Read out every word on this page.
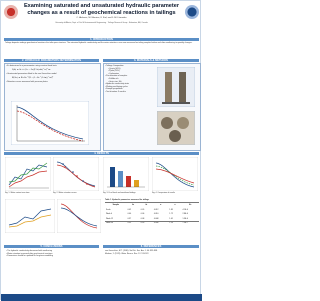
Examining saturated and unsaturated hydraulic parameter changes as a result of geochemical reactions in tailings
C. Alekovic, M. Maurice, F. Kiel, and J.-M. Lhannitto
University of Alberta, Dept. of Civil & Environmental Engineering · Tailings Research Group · Edmonton, AB, Canada
1. INTRODUCTION
Tailings deposits undergo geochemical reactions that alter pore structure. The saturated hydraulic conductivity and the water retention curve were measured on tailing samples before and after weathering to quantify changes.
2. HYDRAULIC PARAMETERS DETERMINATION
• Ks determined in a permeameter using constant head tests
θ(h) = θr + (θs − θr)/[1+(αh)^n]^m
• Unsaturated parameters fitted to the van Genuchten model
K(Se) = Ks·Se^l[1−(1−Se^(1/m))^m]²
• Retention curves measured with pressure plates
3. MATERIALS & METHODS
• Tailings Composition
• Quartz (45%)
• Pyrite (16%)
• Carbonates
• Pre-alteration of samples
• Sulfide rich
• Grain size: Silt
• Hydraulic conductivity tests
• Wetting and drying cycles
• Sample preparation
• Test duration: 9 months
4. RESULTS
Fig. 1. Water content over time	Fig. 2. Water retention curves	Fig. 3. Ks of fresh and weathered tailings	Fig. 4. Comparison of results
Table 1. Hydraulic parameters measured for tailings
Sample	θs	θr	α	n	Ks
Fresh	0.42	0.05	0.012	1.85	4.1E-6
Week 4	0.40	0.06	0.010	1.72	2.8E-6
Week 12	0.37	0.08	0.008	1.61	1.3E-6
Week 36	0.35	0.09	0.006	1.54	7.9E-7
5. CONCLUSIONS
• The hydraulic conductivity decreased with weathering
• Water retention increased after geochemical reactions
• Parameters should be updated for long-term modelling
6. REFERENCES
van Genuchten, M.T. (1980). Soil Sci. Soc. Am. J. 44: 892-898.
Mualem, Y. (1976). Water Resour. Res. 12: 513-522.
